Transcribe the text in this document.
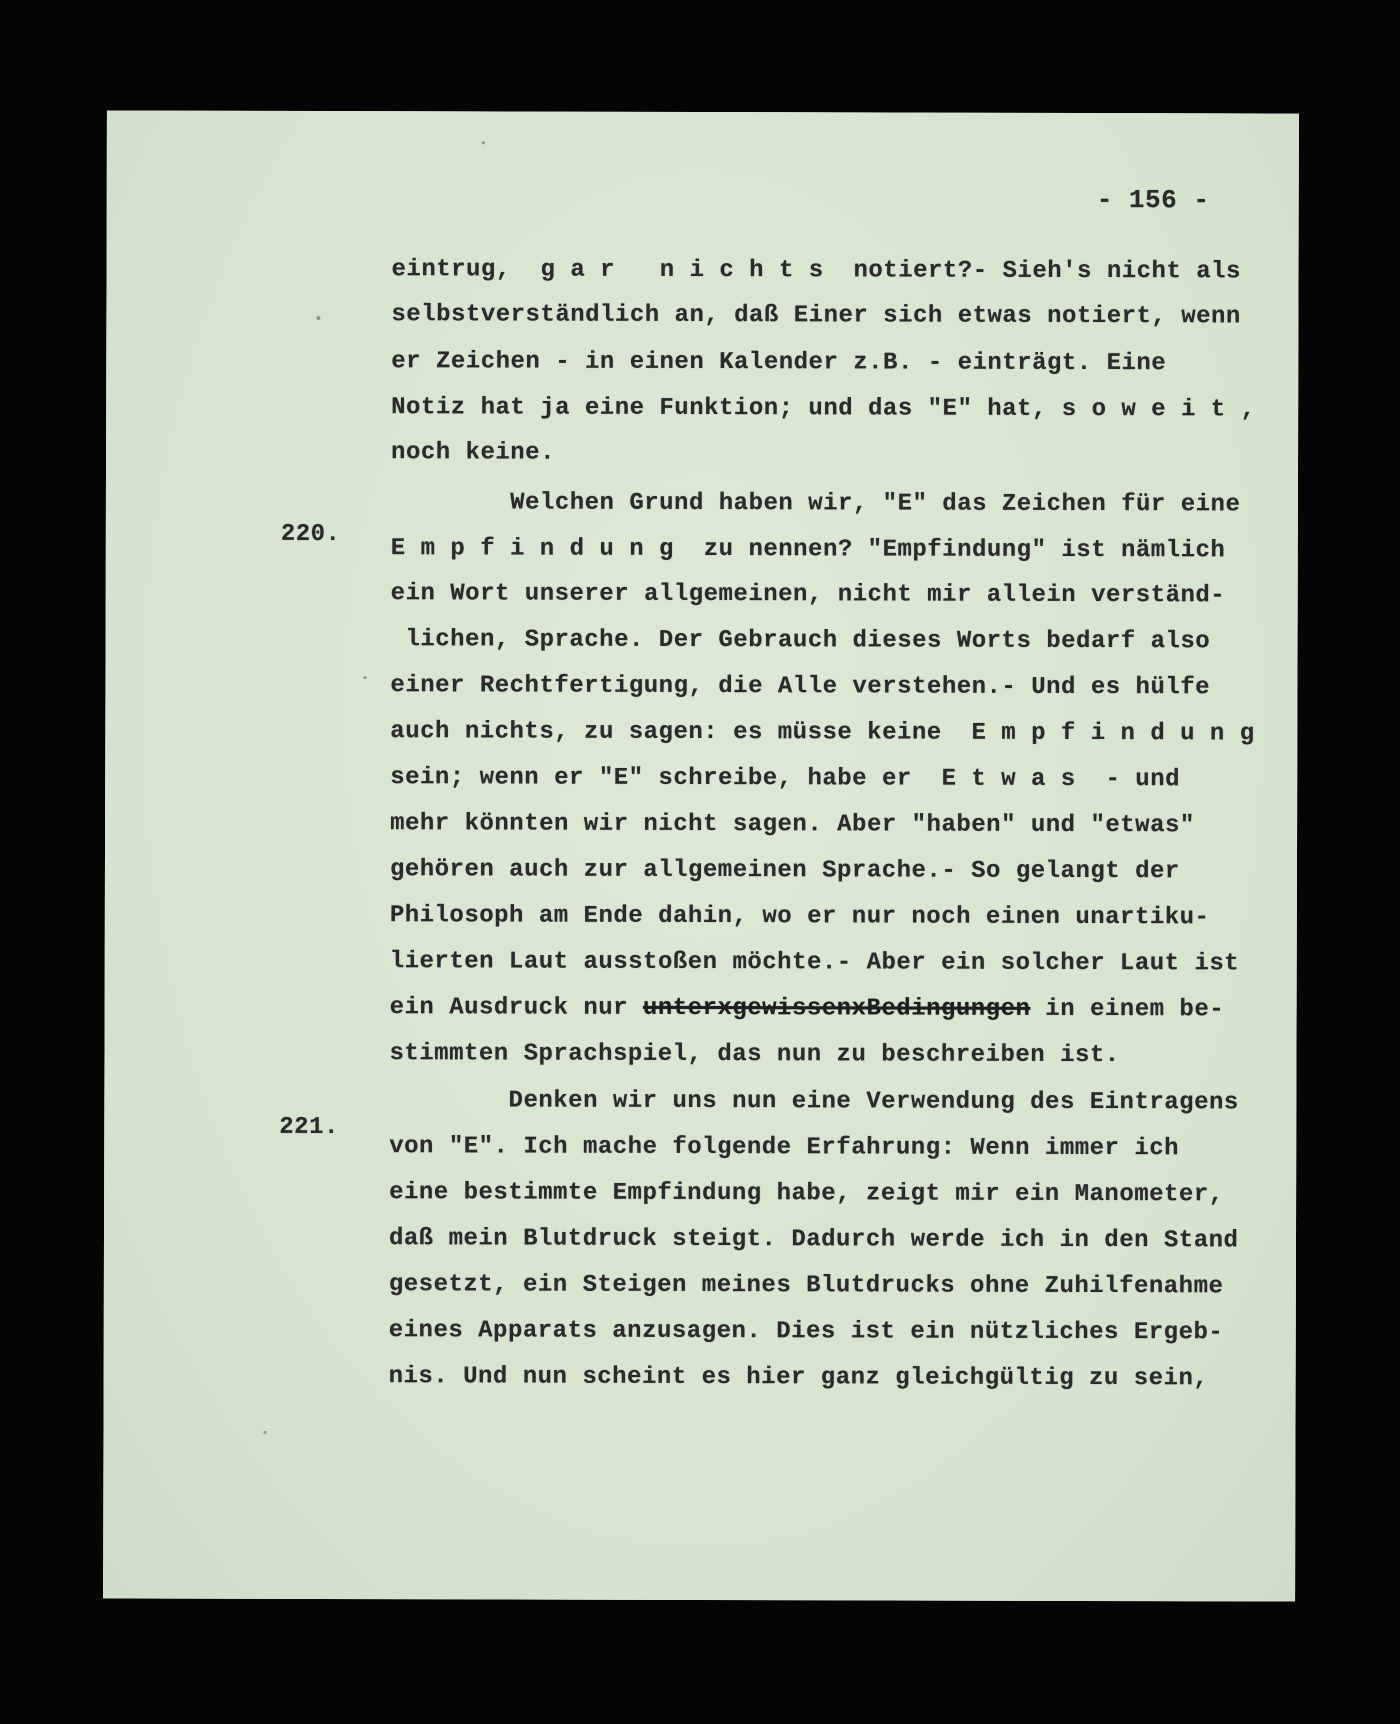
- 156 -
220.
221.
eintrug,  g a r   n i c h t s  notiert?- Sieh's nicht als
selbstverständlich an, daß Einer sich etwas notiert, wenn
er Zeichen - in einen Kalender z.B. - einträgt. Eine
Notiz hat ja eine Funktion; und das "E" hat, s o w e i t ,
noch keine.
Welchen Grund haben wir, "E" das Zeichen für eine
E m p f i n d u n g  zu nennen? "Empfindung" ist nämlich
ein Wort unserer allgemeinen, nicht mir allein verständ-
lichen, Sprache. Der Gebrauch dieses Worts bedarf also
einer Rechtfertigung, die Alle verstehen.- Und es hülfe
auch nichts, zu sagen: es müsse keine  E m p f i n d u n g
sein; wenn er "E" schreibe, habe er  E t w a s  - und
mehr könnten wir nicht sagen. Aber "haben" und "etwas"
gehören auch zur allgemeinen Sprache.- So gelangt der
Philosoph am Ende dahin, wo er nur noch einen unartiku-
lierten Laut ausstoßen möchte.- Aber ein solcher Laut ist
ein Ausdruck nur unterxgewissenxBedingungen in einem be-
stimmten Sprachspiel, das nun zu beschreiben ist.
Denken wir uns nun eine Verwendung des Eintragens
von "E". Ich mache folgende Erfahrung: Wenn immer ich
eine bestimmte Empfindung habe, zeigt mir ein Manometer,
daß mein Blutdruck steigt. Dadurch werde ich in den Stand
gesetzt, ein Steigen meines Blutdrucks ohne Zuhilfenahme
eines Apparats anzusagen. Dies ist ein nützliches Ergeb-
nis. Und nun scheint es hier ganz gleichgültig zu sein,
